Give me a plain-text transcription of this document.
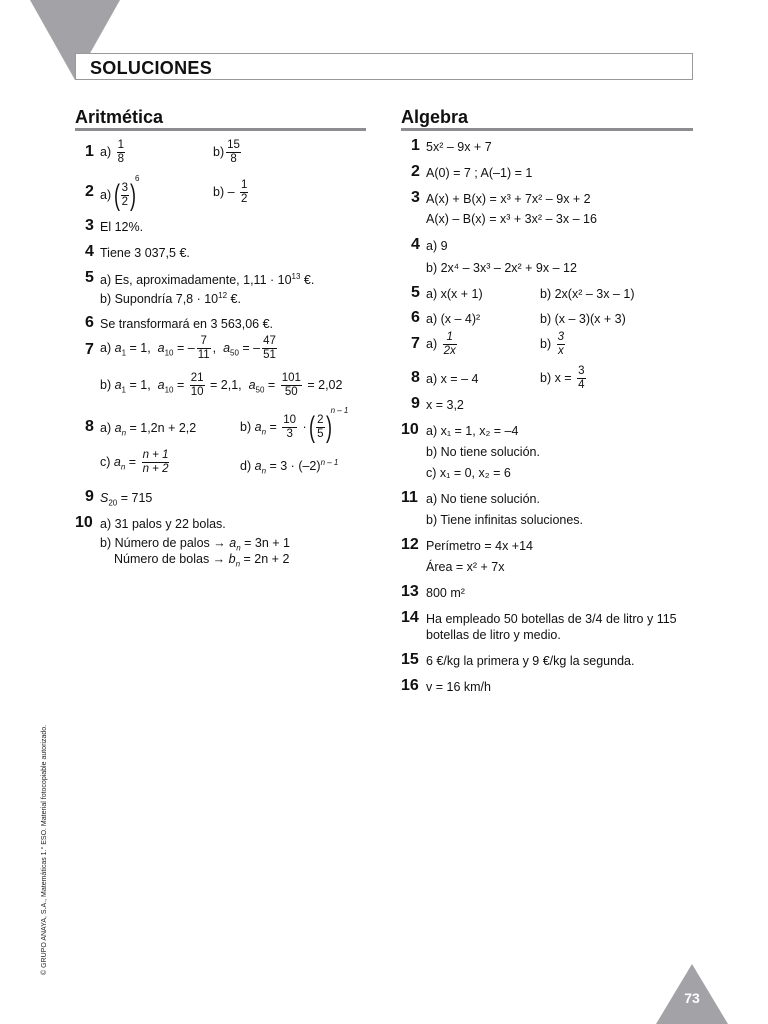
SOLUCIONES
Aritmética	Algebra
1 $a) \frac{1}{8}$	$b) \frac{15}{8}$
2 a) ( $\frac{3}{2} )^6$
$b) - \frac{1}{2}$
3 El 12%.
4 Tiene 3 037,5 €.
5 a) Es, aproximadamente, $1,11 \cdot 10^{13}$ €.
b) Supondría $7,8 \cdot 10^{12}$ €.
6 Se transformará en 3 563,06 €.
7 a) $a_1 = 1$, $a_{10}$ = – $\frac{7}{11}$ ,  $a_{50}$ = – $\frac{47}{51}$
b) $a_1 = 1$, $a_{10} = \frac{21}{10} = 2,1$, $a_{50} = \frac{101}{50} = 2,02$
8 a) $a_n = 1,2n + 2,2$	b) $a_n = \frac{10}{3}$ · ( $\frac{2}{5} )^{n - 1}$
c) $a_n = \frac{n + 1}{n + 2}$	d) $a_n = 3 \cdot (-2)^{n - 1}$
9 $S_{20} = 715$
10 a) 31 palos y 22 bolas.
b) Número de palos → $a_n = 3n + 1$
Número de bolas → $b_n = 2n + 2$
1 5x² – 9x + 7
2 A(0) = 7 ; A(–1) = 1
3 A(x) + B(x) = x³ + 7x² – 9x + 2
A(x) – B(x) = x³ + 3x² – 3x – 16
4 a) 9
b) 2x⁴ – 3x³ – 2x² + 9x – 12
5 a) x(x + 1)	b) 2x(x² – 3x – 1)
6 a) (x – 4)²	b) (x – 3)(x + 3)
7 $a) \frac{1}{2x}$	$b) \frac{3}{x}$
8 a) x = – 4	b) $x = \frac{3}{4}$
9 x = 3,2
10 a) x₁ = 1, x₂ = –4
b) No tiene solución.
c) x₁ = 0, x₂ = 6
11 a) No tiene solución.
b) Tiene infinitas soluciones.
12 Perímetro = 4x +14
Área = x² + 7x
13 800 m²
14 Ha empleado 50 botellas de 3/4 de litro y 115
botellas de litro y medio.
15 6 €/kg la primera y 9 €/kg la segunda.
16 v = 16 km/h
© GRUPO ANAYA, S.A., Matemáticas 1.° ESO. Material fotocopiable autorizado.
73
